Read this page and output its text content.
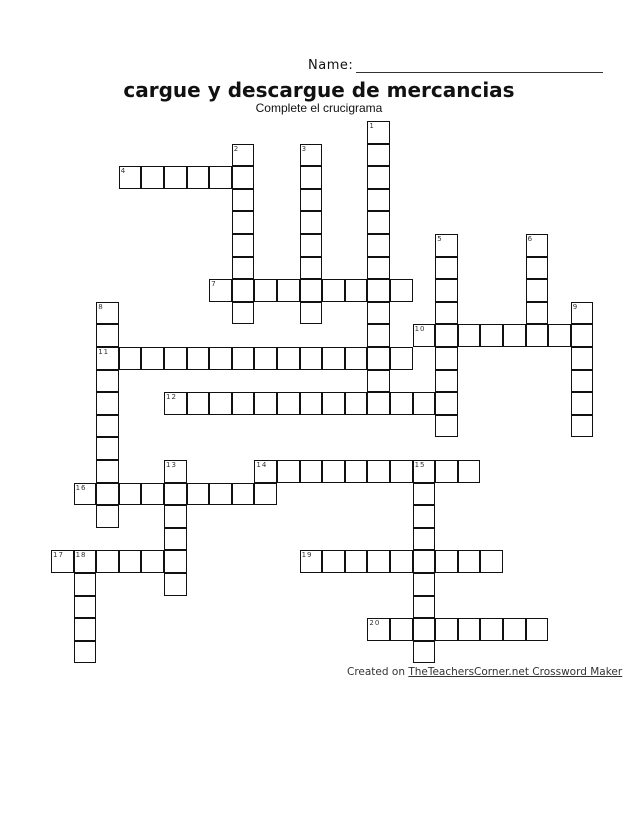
Name:
cargue y descargue de mercancias
Complete el crucigrama
1
2	3
4
5	6
7
8
11
9
10
12
13	14	15
16
17 18	19
20
Created on TheTeachersCorner.net Crossword Maker
